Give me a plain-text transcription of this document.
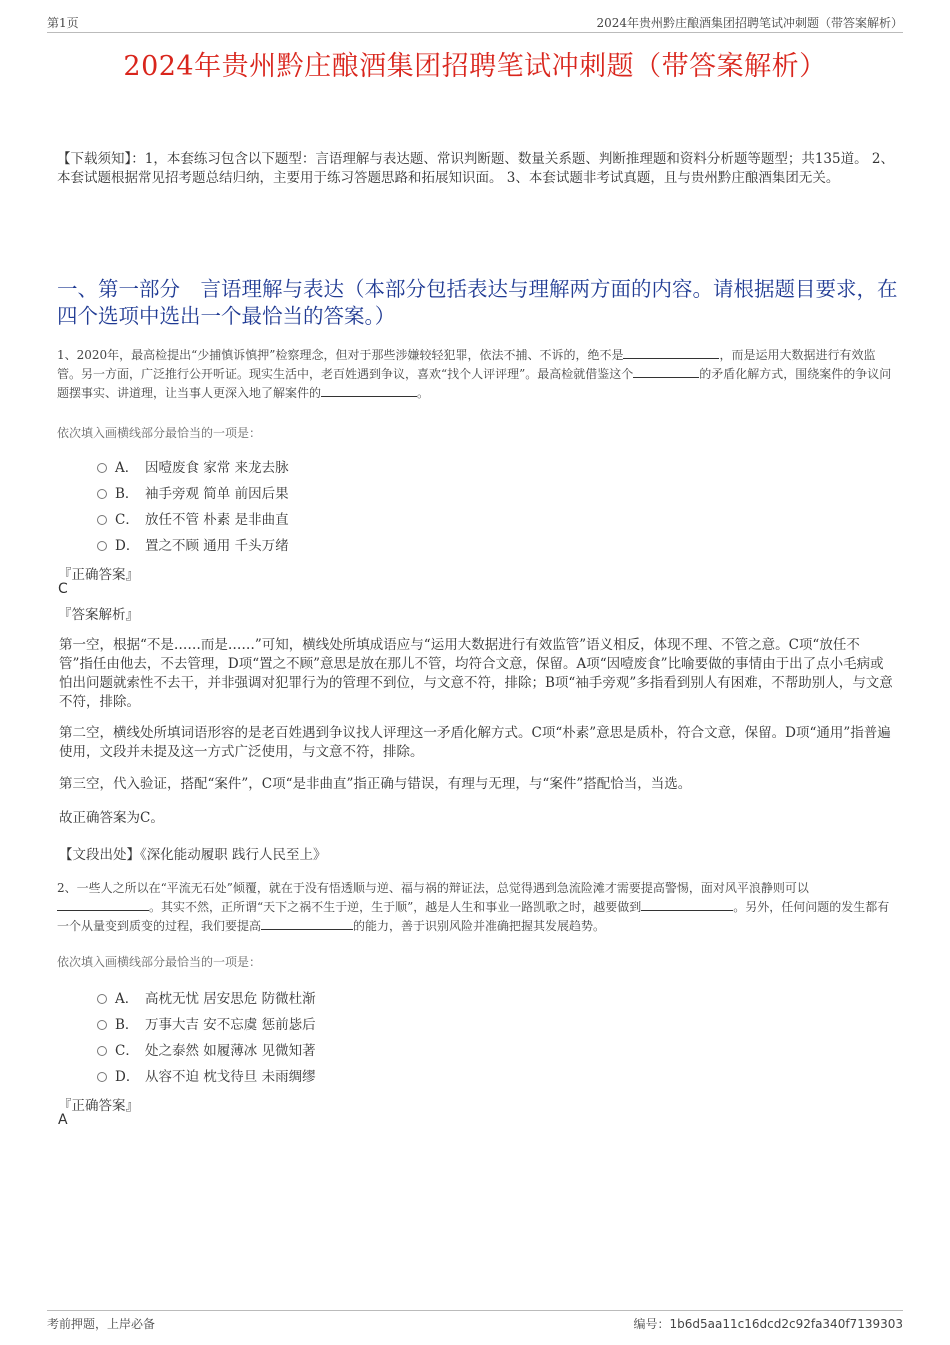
第1页	2024年贵州黔庄酿酒集团招聘笔试冲刺题（带答案解析）
2024年贵州黔庄酿酒集团招聘笔试冲刺题（带答案解析）
【下载须知】：1，本套练习包含以下题型：言语理解与表达题、常识判断题、数量关系题、判断推理题和资料分析题等题型；共135道。 2、本套试题根据常见招考题总结归纳，主要用于练习答题思路和拓展知识面。 3、本套试题非考试真题，且与贵州黔庄酿酒集团无关。
一、第一部分　言语理解与表达（本部分包括表达与理解两方面的内容。请根据题目要求，在四个选项中选出一个最恰当的答案。）
1、2020年，最高检提出“少捕慎诉慎押”检察理念，但对于那些涉嫌较轻犯罪，依法不捕、不诉的，绝不是	，而是运用大数据进行有效监管。另一方面，广泛推行公开听证。现实生活中，老百姓遇到争议，喜欢“找个人评评理”。最高检就借鉴这个	的矛盾化解方式，围绕案件的争议问题摆事实、讲道理，让当事人更深入地了解案件的	。
依次填入画横线部分最恰当的一项是：
A． 因噎废食 家常 来龙去脉
B． 袖手旁观 简单 前因后果
C． 放任不管 朴素 是非曲直
D． 置之不顾 通用 千头万绪
『正确答案』
C
『答案解析』
第一空，根据“不是……而是……”可知，横线处所填成语应与“运用大数据进行有效监管”语义相反，体现不理、不管之意。C项“放任不管”指任由他去，不去管理，D项“置之不顾”意思是放在那儿不管，均符合文意，保留。A项“因噎废食”比喻要做的事情由于出了点小毛病或怕出问题就索性不去干，并非强调对犯罪行为的管理不到位，与文意不符，排除；B项“袖手旁观”多指看到别人有困难，不帮助别人，与文意不符，排除。
第二空，横线处所填词语形容的是老百姓遇到争议找人评理这一矛盾化解方式。C项“朴素”意思是质朴，符合文意，保留。D项“通用”指普遍使用，文段并未提及这一方式广泛使用，与文意不符，排除。
第三空，代入验证，搭配“案件”，C项“是非曲直”指正确与错误，有理与无理，与“案件”搭配恰当，当选。
故正确答案为C。
【文段出处】《深化能动履职 践行人民至上》
2、一些人之所以在“平流无石处”倾覆，就在于没有悟透顺与逆、福与祸的辩证法，总觉得遇到急流险滩才需要提高警惕，面对风平浪静则可以。其实不然，正所谓“天下之祸不生于逆，生于顺”，越是人生和事业一路凯歌之时，越要做到	。另外，任何问题的发生都有一个从量变到质变的过程，我们要提高	的能力，善于识别风险并准确把握其发展趋势。
依次填入画横线部分最恰当的一项是：
A． 高枕无忧 居安思危 防微杜渐
B． 万事大吉 安不忘虞 惩前毖后
C． 处之泰然 如履薄冰 见微知著
D． 从容不迫 枕戈待旦 未雨绸缪
『正确答案』
A
考前押题，上岸必备	编号：1b6d5aa11c16dcd2c92fa340f7139303
